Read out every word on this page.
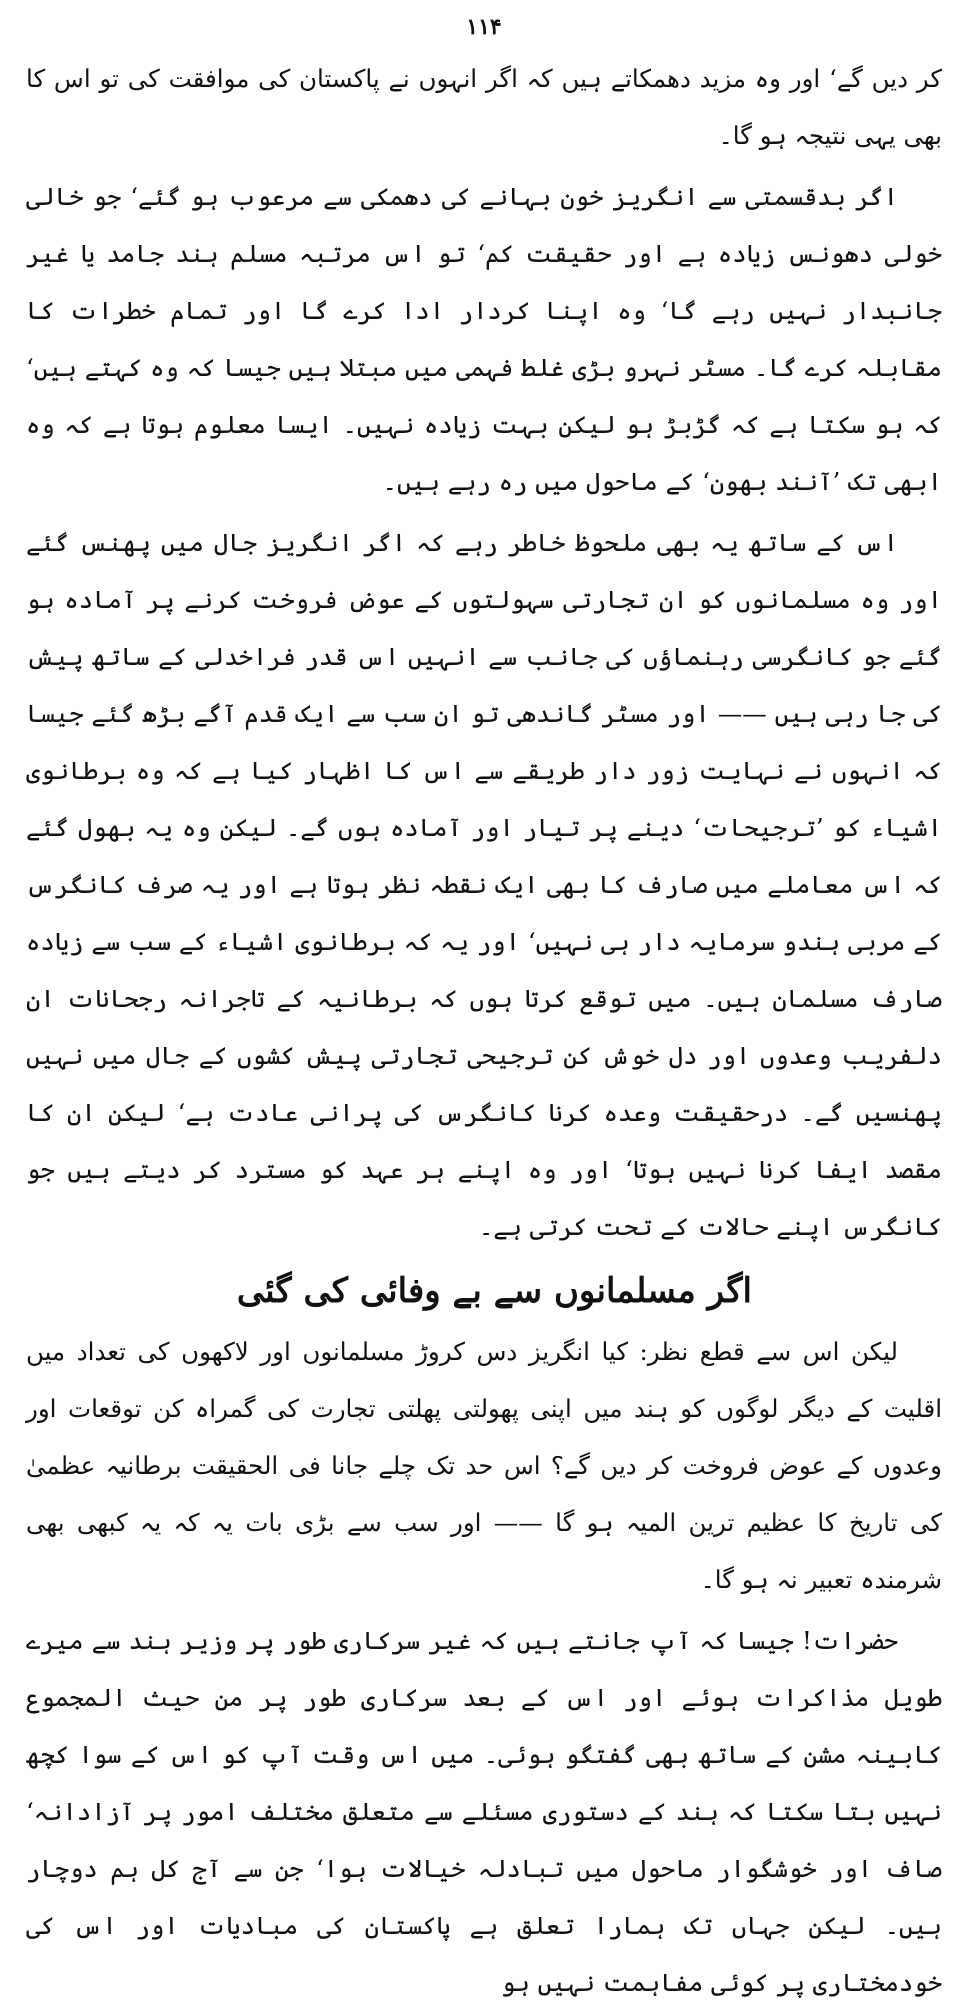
۱۱۴

کر دیں گے‘ اور وہ مزید دھمکاتے ہیں کہ اگر انہوں نے پاکستان کی موافقت کی تو اس کا بھی یہی نتیجہ ہو گا۔

اگر بدقسمتی سے انگریز خون بہانے کی دھمکی سے مرعوب ہو گئے‘ جو خالی خولی دھونس زیادہ ہے اور حقیقت کم‘ تو اس مرتبہ مسلم ہند جامد یا غیر جانبدار نہیں رہے گا‘ وہ اپنا کردار ادا کرے گا اور تمام خطرات کا مقابلہ کرے گا۔ مسٹر نہرو بڑی غلط فہمی میں مبتلا ہیں جیسا کہ وہ کہتے ہیں‘ کہ ہو سکتا ہے کہ گڑبڑ ہو لیکن بہت زیادہ نہیں۔ ایسا معلوم ہوتا ہے کہ وہ ابھی تک ’آنند بھون‘ کے ماحول میں رہ رہے ہیں۔

اس کے ساتھ یہ بھی ملحوظ خاطر رہے کہ اگر انگریز جال میں پھنس گئے اور وہ مسلمانوں کو ان تجارتی سہولتوں کے عوض فروخت کرنے پر آمادہ ہو گئے جو کانگرسی رہنماؤں کی جانب سے انہیں اس قدر فراخدلی کے ساتھ پیش کی جا رہی ہیں —— اور مسٹر گاندھی تو ان سب سے ایک قدم آگے بڑھ گئے جیسا کہ انہوں نے نہایت زور دار طریقے سے اس کا اظہار کیا ہے کہ وہ برطانوی اشیاء کو ’ترجیحات‘ دینے پر تیار اور آمادہ ہوں گے۔ لیکن وہ یہ بھول گئے کہ اس معاملے میں صارف کا بھی ایک نقطہ نظر ہوتا ہے اور یہ صرف کانگرس کے مربی ہندو سرمایہ دار ہی نہیں‘ اور یہ کہ برطانوی اشیاء کے سب سے زیادہ صارف مسلمان ہیں۔ میں توقع کرتا ہوں کہ برطانیہ کے تاجرانہ رجحانات ان دلفریب وعدوں اور دل خوش کن ترجیحی تجارتی پیش کشوں کے جال میں نہیں پھنسیں گے۔ درحقیقت وعدہ کرنا کانگرس کی پرانی عادت ہے‘ لیکن ان کا مقصد ایفا کرنا نہیں ہوتا‘ اور وہ اپنے ہر عہد کو مسترد کر دیتے ہیں جو کانگرس اپنے حالات کے تحت کرتی ہے۔

اگر مسلمانوں سے بے وفائی کی گئی

لیکن اس سے قطع نظر: کیا انگریز دس کروڑ مسلمانوں اور لاکھوں کی تعداد میں اقلیت کے دیگر لوگوں کو ہند میں اپنی پھولتی پھلتی تجارت کی گمراہ کن توقعات اور وعدوں کے عوض فروخت کر دیں گے؟ اس حد تک چلے جانا فی الحقیقت برطانیہ عظمیٰ کی تاریخ کا عظیم ترین المیہ ہو گا —— اور سب سے بڑی بات یہ کہ یہ کبھی بھی شرمندہ تعبیر نہ ہو گا۔

حضرات! جیسا کہ آپ جانتے ہیں کہ غیر سرکاری طور پر وزیر ہند سے میرے طویل مذاکرات ہوئے اور اس کے بعد سرکاری طور پر من حیث المجموع کابینہ مشن کے ساتھ بھی گفتگو ہوئی۔ میں اس وقت آپ کو اس کے سوا کچھ نہیں بتا سکتا کہ ہند کے دستوری مسئلے سے متعلق مختلف امور پر آزادانہ‘ صاف اور خوشگوار ماحول میں تبادلہ خیالات ہوا‘ جن سے آج کل ہم دوچار ہیں۔ لیکن جہاں تک ہمارا تعلق ہے پاکستان کی مبادیات اور اس کی خودمختاری پر کوئی مفاہمت نہیں ہو
